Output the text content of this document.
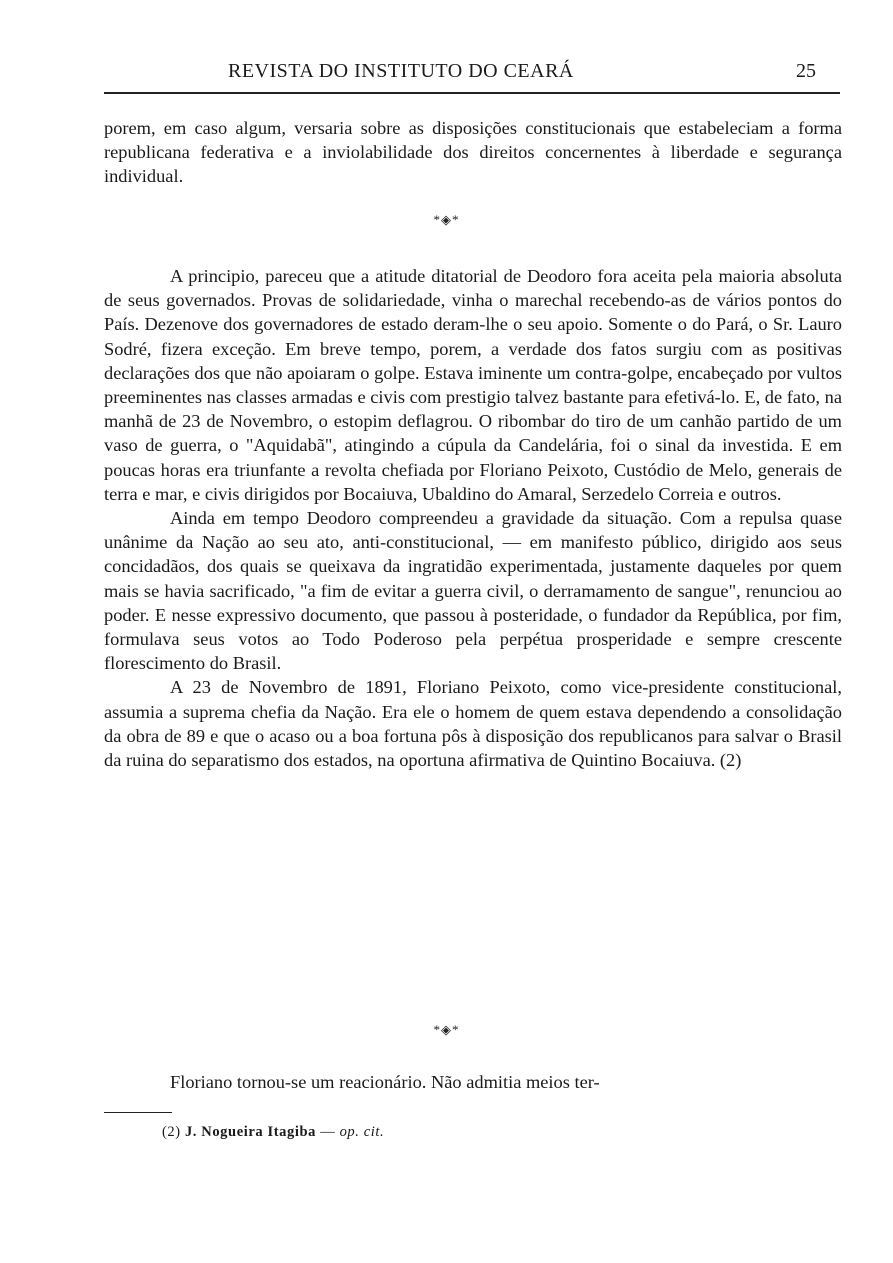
REVISTA DO INSTITUTO DO CEARÁ	25

porem, em caso algum, versaria sobre as disposições constitucionais que estabeleciam a forma republicana federativa e a inviolabilidade dos direitos concernentes à liberdade e segurança individual.

*◈*

A principio, pareceu que a atitude ditatorial de Deodoro fora aceita pela maioria absoluta de seus governados. Provas de solidariedade, vinha o marechal recebendo-as de vários pontos do País. Dezenove dos governadores de estado deram-lhe o seu apoio. Somente o do Pará, o Sr. Lauro Sodré, fizera exceção. Em breve tempo, porem, a verdade dos fatos surgiu com as positivas declarações dos que não apoiaram o golpe. Estava iminente um contra-golpe, encabeçado por vultos preeminentes nas classes armadas e civis com prestigio talvez bastante para efetivá-lo. E, de fato, na manhã de 23 de Novembro, o estopim deflagrou. O ribombar do tiro de um canhão partido de um vaso de guerra, o "Aquidabã", atingindo a cúpula da Candelária, foi o sinal da investida. E em poucas horas era triunfante a revolta chefiada por Floriano Peixoto, Custódio de Melo, generais de terra e mar, e civis dirigidos por Bocaiuva, Ubaldino do Amaral, Serzedelo Correia e outros.

Ainda em tempo Deodoro compreendeu a gravidade da situação. Com a repulsa quase unânime da Nação ao seu ato, anti-constitucional, — em manifesto público, dirigido aos seus concidadãos, dos quais se queixava da ingratidão experimentada, justamente daqueles por quem mais se havia sacrificado, "a fim de evitar a guerra civil, o derramamento de sangue", renunciou ao poder. E nesse expressivo documento, que passou à posteridade, o fundador da República, por fim, formulava seus votos ao Todo Poderoso pela perpétua prosperidade e sempre crescente florescimento do Brasil.

A 23 de Novembro de 1891, Floriano Peixoto, como vice-presidente constitucional, assumia a suprema chefia da Nação. Era ele o homem de quem estava dependendo a consolidação da obra de 89 e que o acaso ou a boa fortuna pôs à disposição dos republicanos para salvar o Brasil da ruina do separatismo dos estados, na oportuna afirmativa de Quintino Bocaiuva. (2)

*◈*

Floriano tornou-se um reacionário. Não admitia meios ter-

(2) J. Nogueira Itagiba — op. cit.
